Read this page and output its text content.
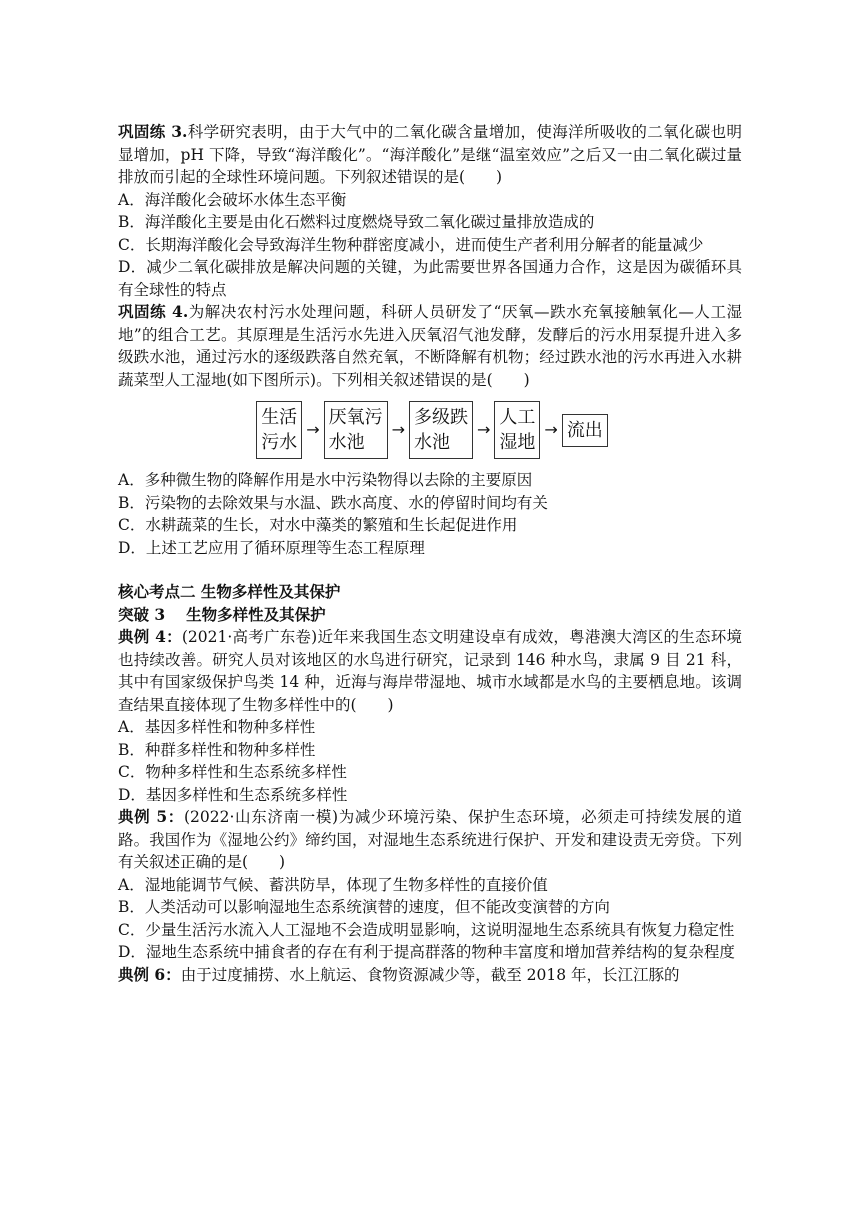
巩固练 3.科学研究表明，由于大气中的二氧化碳含量增加，使海洋所吸收的二氧化碳也明显增加，pH 下降，导致“海洋酸化”。“海洋酸化”是继“温室效应”之后又一由二氧化碳过量排放而引起的全球性环境问题。下列叙述错误的是(　　)

A．海洋酸化会破坏水体生态平衡

B．海洋酸化主要是由化石燃料过度燃烧导致二氧化碳过量排放造成的

C．长期海洋酸化会导致海洋生物种群密度减小，进而使生产者利用分解者的能量减少

D．减少二氧化碳排放是解决问题的关键，为此需要世界各国通力合作，这是因为碳循环具有全球性的特点

巩固练 4.为解决农村污水处理问题，科研人员研发了“厌氧—跌水充氧接触氧化—人工湿地”的组合工艺。其原理是生活污水先进入厌氧沼气池发酵，发酵后的污水用泵提升进入多级跌水池，通过污水的逐级跌落自然充氧，不断降解有机物；经过跌水池的污水再进入水耕蔬菜型人工湿地(如下图所示)。下列相关叙述错误的是(　　)

生活
污水
→
厌氧污
水池
→
多级跌
水池
→
人工
湿地
→ 流出

A．多种微生物的降解作用是水中污染物得以去除的主要原因

B．污染物的去除效果与水温、跌水高度、水的停留时间均有关

C．水耕蔬菜的生长，对水中藻类的繁殖和生长起促进作用

D．上述工艺应用了循环原理等生态工程原理

核心考点二 生物多样性及其保护

突破 3　 生物多样性及其保护

典例 4：(2021·高考广东卷)近年来我国生态文明建设卓有成效，粤港澳大湾区的生态环境也持续改善。研究人员对该地区的水鸟进行研究，记录到 146 种水鸟，隶属 9 目 21 科，其中有国家级保护鸟类 14 种，近海与海岸带湿地、城市水域都是水鸟的主要栖息地。该调查结果直接体现了生物多样性中的(　　)

A．基因多样性和物种多样性

B．种群多样性和物种多样性

C．物种多样性和生态系统多样性

D．基因多样性和生态系统多样性

典例 5：(2022·山东济南一模)为减少环境污染、保护生态环境，必须走可持续发展的道路。我国作为《湿地公约》缔约国，对湿地生态系统进行保护、开发和建设责无旁贷。下列有关叙述正确的是(　　)

A．湿地能调节气候、蓄洪防旱，体现了生物多样性的直接价值

B．人类活动可以影响湿地生态系统演替的速度，但不能改变演替的方向

C．少量生活污水流入人工湿地不会造成明显影响，这说明湿地生态系统具有恢复力稳定性

D．湿地生态系统中捕食者的存在有利于提高群落的物种丰富度和增加营养结构的复杂程度

典例 6：由于过度捕捞、水上航运、食物资源减少等，截至 2018 年，长江江豚的
